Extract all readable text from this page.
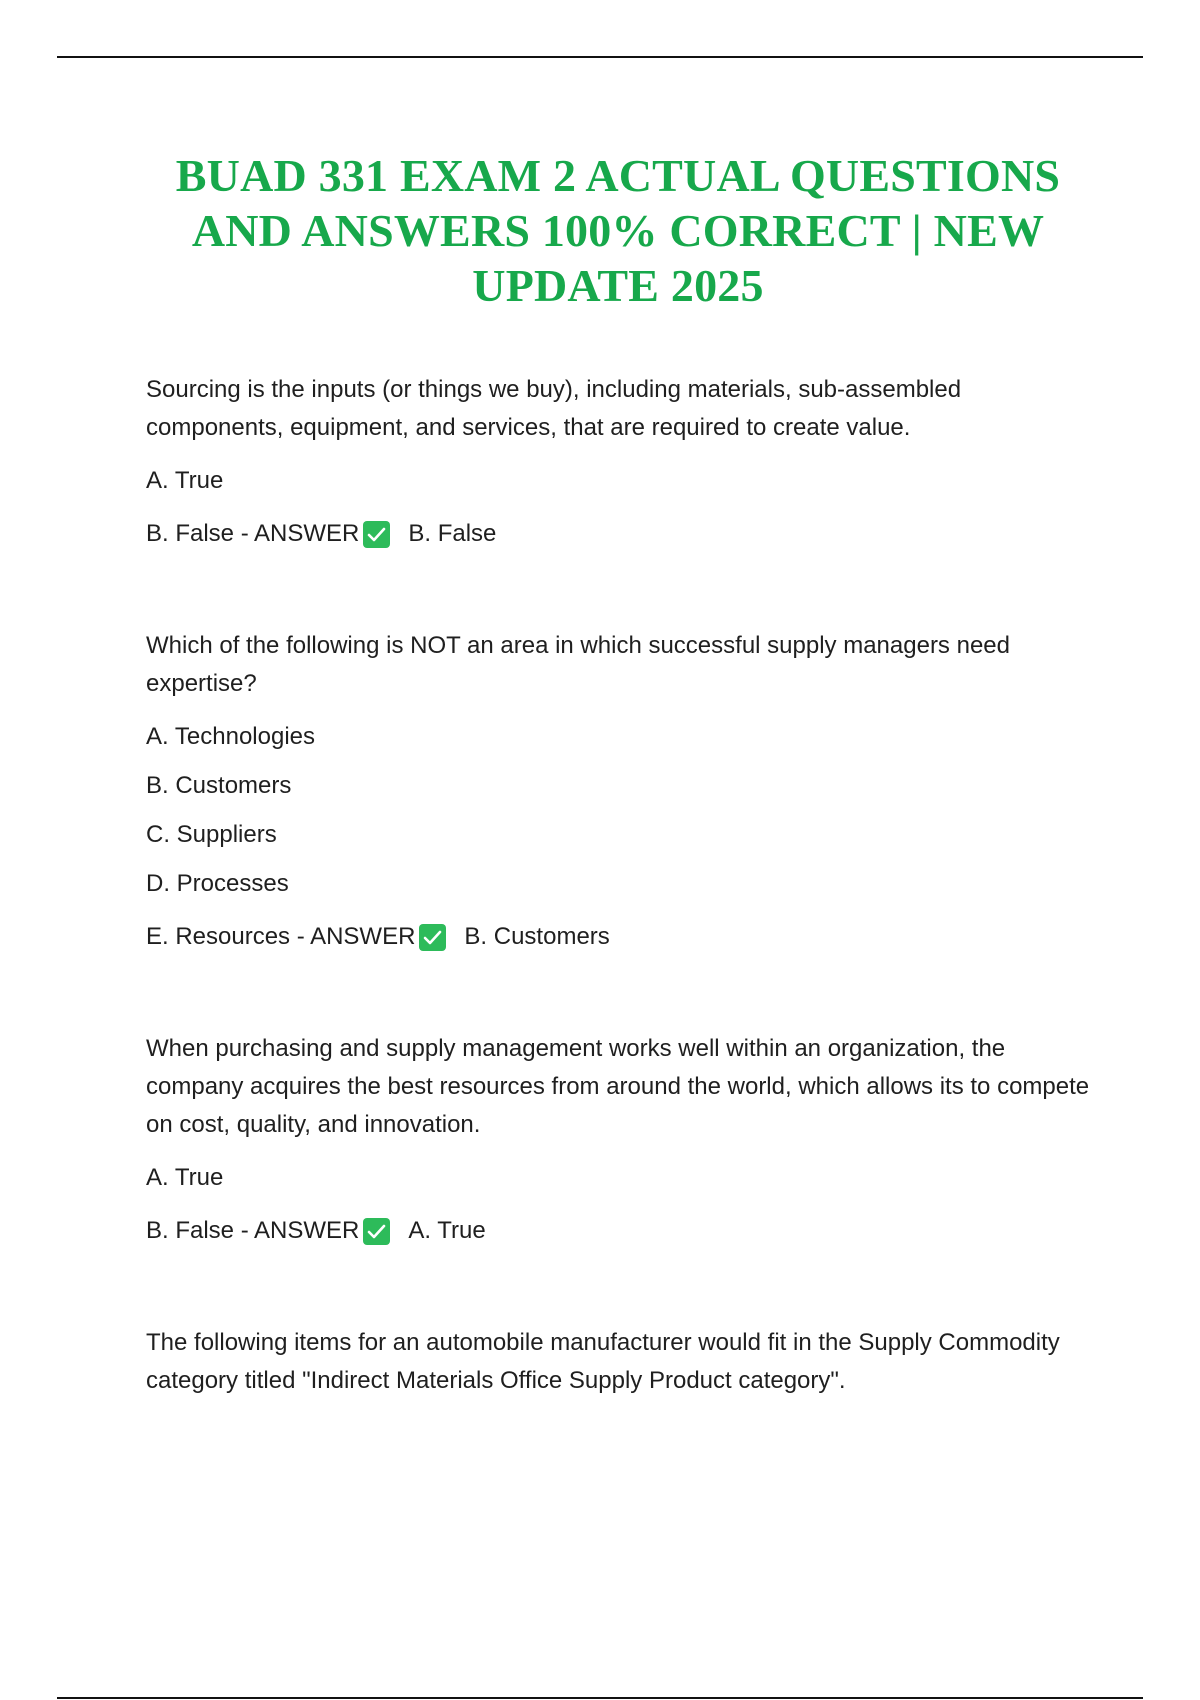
BUAD 331 EXAM 2 ACTUAL QUESTIONS AND ANSWERS 100% CORRECT | NEW UPDATE 2025

Sourcing is the inputs (or things we buy), including materials, sub-assembled components, equipment, and services, that are required to create value.

A. True

B. False - ANSWER B. False

Which of the following is NOT an area in which successful supply managers need expertise?

A. Technologies

B. Customers

C. Suppliers

D. Processes

E. Resources - ANSWER B. Customers

When purchasing and supply management works well within an organization, the company acquires the best resources from around the world, which allows its to compete on cost, quality, and innovation.

A. True

B. False - ANSWER A. True

The following items for an automobile manufacturer would fit in the Supply Commodity category titled "Indirect Materials Office Supply Product category".
